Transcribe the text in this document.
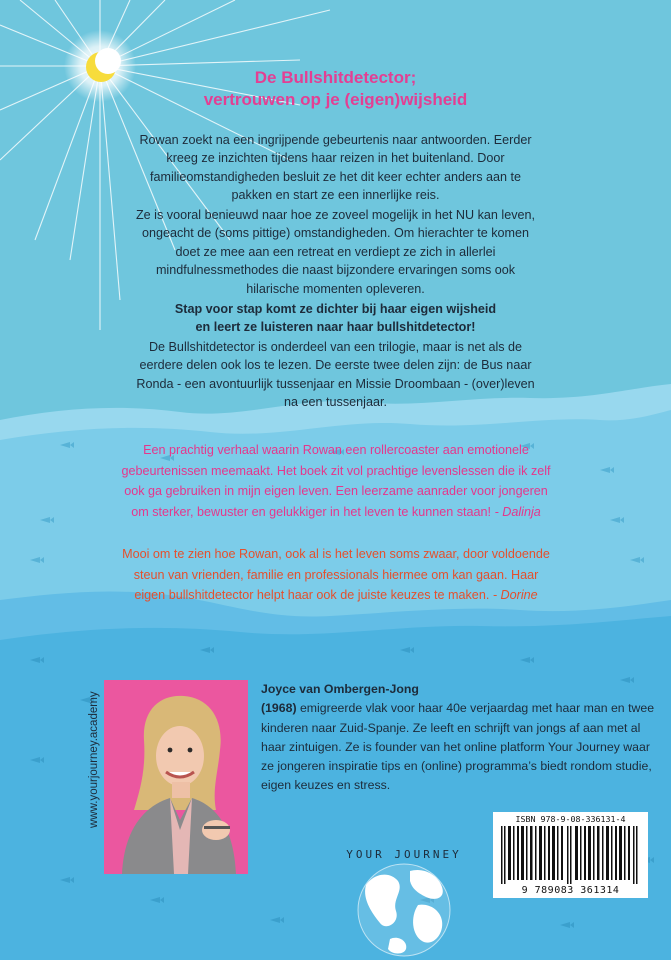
De Bullshitdetector;
vertrouwen op je (eigen)wijsheid

Rowan zoekt na een ingrijpende gebeurtenis naar antwoorden. Eerder kreeg ze inzichten tijdens haar reizen in het buitenland. Door familieomstandigheden besluit ze het dit keer echter anders aan te pakken en start ze een innerlijke reis.

Ze is vooral benieuwd naar hoe ze zoveel mogelijk in het NU kan leven, ongeacht de (soms pittige) omstandigheden. Om hierachter te komen doet ze mee aan een retreat en verdiept ze zich in allerlei mindfulnessmethodes die naast bijzondere ervaringen soms ook hilarische momenten opleveren.

Stap voor stap komt ze dichter bij haar eigen wijsheid
en leert ze luisteren naar haar bullshitdetector!

De Bullshitdetector is onderdeel van een trilogie, maar is net als de eerdere delen ook los te lezen. De eerste twee delen zijn: de Bus naar Ronda - een avontuurlijk tussenjaar en Missie Droombaan - (over)leven na een tussenjaar.

Een prachtig verhaal waarin Rowan een rollercoaster aan emotionele gebeurtenissen meemaakt. Het boek zit vol prachtige levenslessen die ik zelf ook ga gebruiken in mijn eigen leven. Een leerzame aanrader voor jongeren om sterker, bewuster en gelukkiger in het leven te kunnen staan! - Dalinja

Mooi om te zien hoe Rowan, ook al is het leven soms zwaar, door voldoende steun van vrienden, familie en professionals hiermee om kan gaan. Haar eigen bullshitdetector helpt haar ook de juiste keuzes te maken. - Dorine

www.yourjourney.academy

Joyce van Ombergen-Jong
(1968) emigreerde vlak voor haar 40e verjaardag met haar man en twee kinderen naar Zuid-Spanje. Ze leeft en schrijft van jongs af aan met al haar zintuigen. Ze is founder van het online platform Your Journey waar ze jongeren inspiratie tips en (online) programma’s biedt rondom studie, eigen keuzes en stress.

YOUR JOURNEY
ISBN 978-9-08-336131-4
9 789083 361314
